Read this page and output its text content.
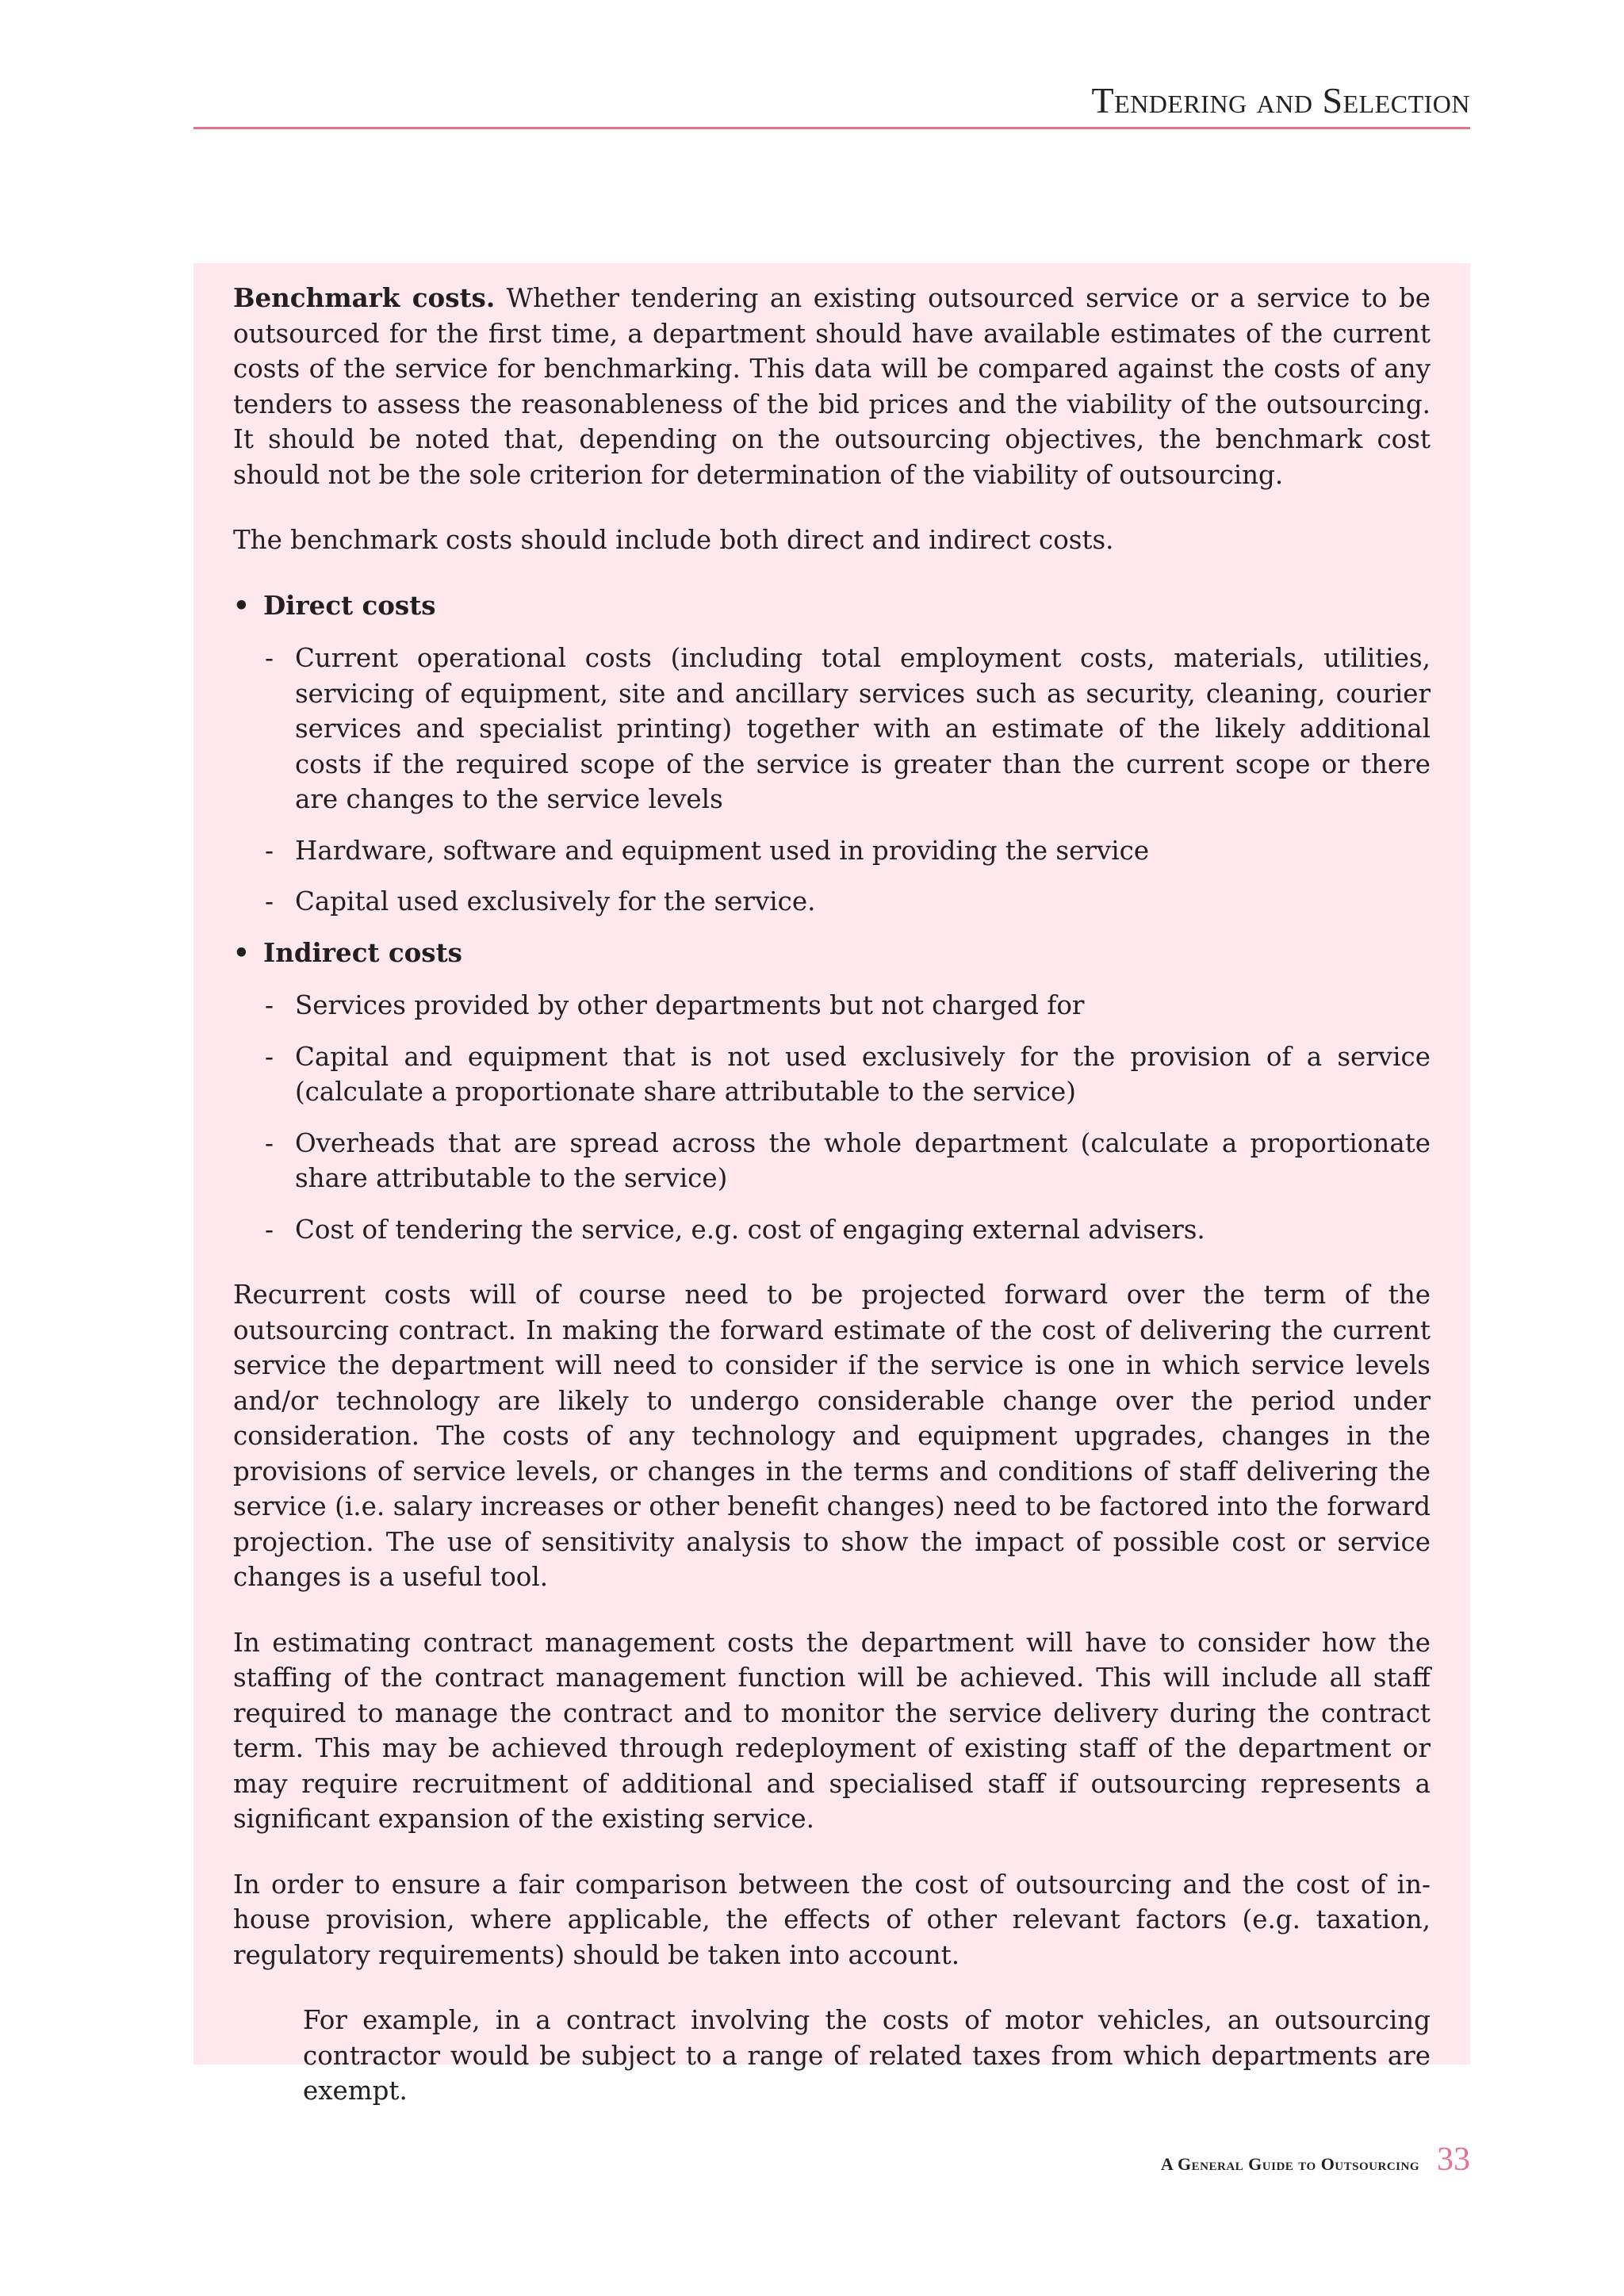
Tendering and Selection

Benchmark costs. Whether tendering an existing outsourced service or a service to be outsourced for the first time, a department should have available estimates of the current costs of the service for benchmarking. This data will be compared against the costs of any tenders to assess the reasonableness of the bid prices and the viability of the outsourcing. It should be noted that, depending on the outsourcing objectives, the benchmark cost should not be the sole criterion for determination of the viability of outsourcing.

The benchmark costs should include both direct and indirect costs.

• Direct costs
- Current operational costs (including total employment costs, materials, utilities, servicing of equipment, site and ancillary services such as security, cleaning, courier services and specialist printing) together with an estimate of the likely additional costs if the required scope of the service is greater than the current scope or there are changes to the service levels
- Hardware, software and equipment used in providing the service
- Capital used exclusively for the service.
• Indirect costs
- Services provided by other departments but not charged for
- Capital and equipment that is not used exclusively for the provision of a service (calculate a proportionate share attributable to the service)
- Overheads that are spread across the whole department (calculate a proportionate share attributable to the service)
- Cost of tendering the service, e.g. cost of engaging external advisers.

Recurrent costs will of course need to be projected forward over the term of the outsourcing contract. In making the forward estimate of the cost of delivering the current service the department will need to consider if the service is one in which service levels and/or technology are likely to undergo considerable change over the period under consideration. The costs of any technology and equipment upgrades, changes in the provisions of service levels, or changes in the terms and conditions of staff delivering the service (i.e. salary increases or other benefit changes) need to be factored into the forward projection. The use of sensitivity analysis to show the impact of possible cost or service changes is a useful tool.

In estimating contract management costs the department will have to consider how the staffing of the contract management function will be achieved. This will include all staff required to manage the contract and to monitor the service delivery during the contract term. This may be achieved through redeployment of existing staff of the department or may require recruitment of additional and specialised staff if outsourcing represents a significant expansion of the existing service.

In order to ensure a fair comparison between the cost of outsourcing and the cost of in-house provision, where applicable, the effects of other relevant factors (e.g. taxation, regulatory requirements) should be taken into account.

For example, in a contract involving the costs of motor vehicles, an outsourcing contractor would be subject to a range of related taxes from which departments are exempt.

A General Guide to Outsourcing 33
